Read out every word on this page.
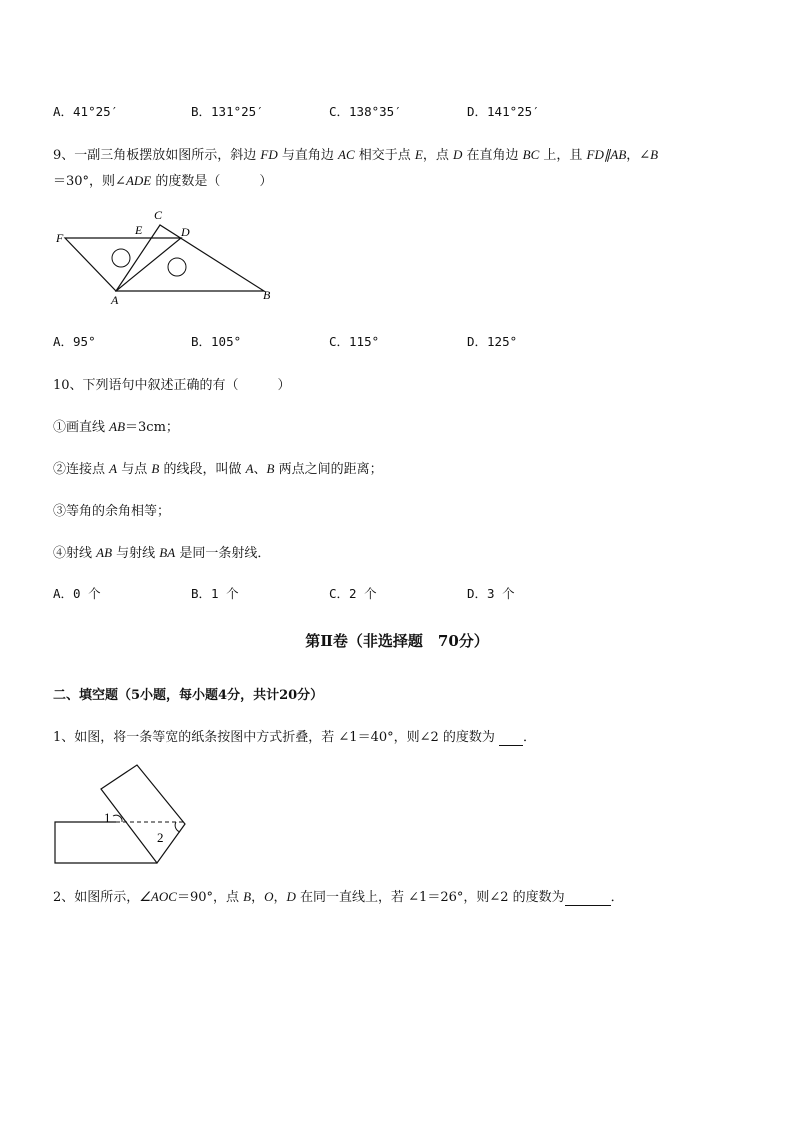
A．41°25′	B．131°25′	C．138°35′	D．141°25′
9、一副三角板摆放如图所示，斜边 FD 与直角边 AC 相交于点 E，点 D 在直角边 BC 上，且 FD∥AB，∠B
＝30°，则∠ADE 的度数是（　　　）
F
E
C
D
A	B
A．95°	B．105°	C．115°	D．125°
10、下列语句中叙述正确的有（　　　）
①画直线 AB＝3cm；
②连接点 A 与点 B 的线段，叫做 A、B 两点之间的距离；
③等角的余角相等；
④射线 AB 与射线 BA 是同一条射线．
A．0 个	B．1 个	C．2 个	D．3 个
第Ⅱ卷（非选择题　70分）
二、填空题（5小题，每小题4分，共计20分）
1、如图，将一条等宽的纸条按图中方式折叠，若 ∠1＝40°，则∠2 的度数为  ．
1
2
2、如图所示，∠AOC＝90°，点 B，O，D 在同一直线上，若 ∠1＝26°，则∠2 的度数为	．
